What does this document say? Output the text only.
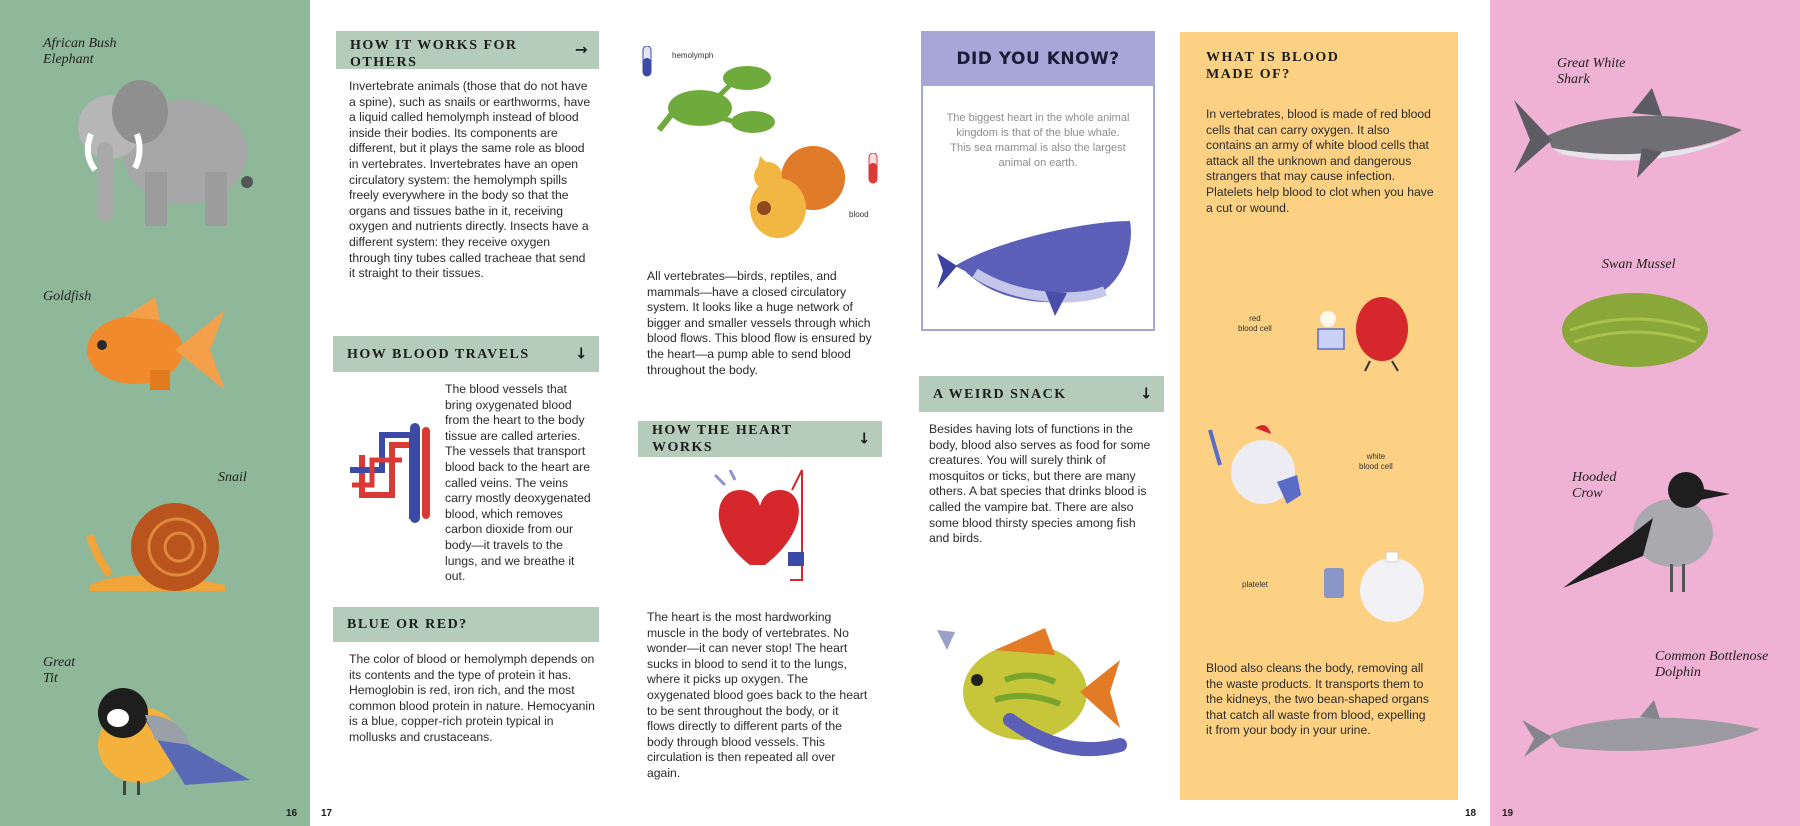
African Bush
Elephant
Goldfish
Snail
Great
Tit
16 17
HOW IT WORKS FOR OTHERS
→
Invertebrate animals (those that do not have a spine), such as snails or earthworms, have a liquid called hemolymph instead of blood inside their bodies. Its components are different, but it plays the same role as blood in vertebrates. Invertebrates have an open circulatory system: the hemolymph spills freely everywhere in the body so that the organs and tissues bathe in it, receiving oxygen and nutrients directly. Insects have a different system: they receive oxygen through tiny tubes called tracheae that send it straight to their tissues.
HOW BLOOD TRAVELS	↓
The blood vessels that bring oxygenated blood from the heart to the body tissue are called arteries. The vessels that transport blood back to the heart are called veins. The veins carry mostly deoxygenated blood, which removes carbon dioxide from our body—it travels to the lungs, and we breathe it out.
BLUE OR RED?
The color of blood or hemolymph depends on its contents and the type of protein it has. Hemoglobin is red, iron rich, and the most common blood protein in nature. Hemocyanin is a blue, copper-rich protein typical in mollusks and crustaceans.
hemolymph
blood
All vertebrates—birds, reptiles, and mammals—have a closed circulatory system. It looks like a huge network of bigger and smaller vessels through which blood flows. This blood flow is ensured by the heart—a pump able to send blood throughout the body.
HOW THE HEART WORKS	↓
The heart is the most hardworking muscle in the body of vertebrates. No wonder—it can never stop! The heart sucks in blood to send it to the lungs, where it picks up oxygen. The oxygenated blood goes back to the heart to be sent throughout the body, or it flows directly to different parts of the body through blood vessels. This circulation is then repeated all over again.
DID YOU KNOW?
The biggest heart in the whole animal kingdom is that of the blue whale. This sea mammal is also the largest animal on earth.
A WEIRD SNACK	↓
Besides having lots of functions in the body, blood also serves as food for some creatures. You will surely think of mosquitos or ticks, but there are many others. A bat species that drinks blood is called the vampire bat. There are also some blood thirsty species among fish and birds.
WHAT IS BLOOD
MADE OF?
In vertebrates, blood is made of red blood cells that can carry oxygen. It also contains an army of white blood cells that attack all the unknown and dangerous strangers that may cause infection. Platelets help blood to clot when you have a cut or wound.
red
blood cell
white
blood cell
platelet
Blood also cleans the body, removing all the waste products. It transports them to the kidneys, the two bean-shaped organs that catch all waste from blood, expelling it from your body in your urine.
18
Great White
Shark
Swan Mussel
Hooded
Crow
Common Bottlenose
Dolphin
19
